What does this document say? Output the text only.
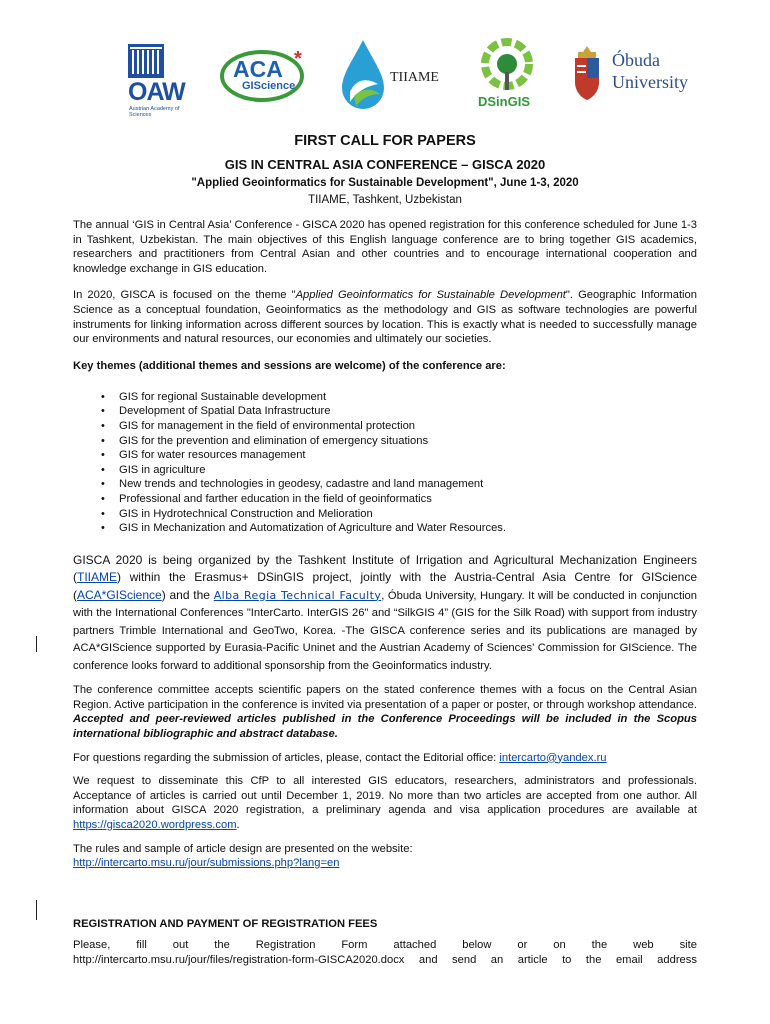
OAW
Austrian Academy of Sciences
ACA *
GIScience
TIIAME
DSinGIS
Óbuda
University

FIRST CALL FOR PAPERS

GIS IN CENTRAL ASIA CONFERENCE – GISCA 2020

"Applied Geoinformatics for Sustainable Development", June 1-3, 2020

TIIAME, Tashkent, Uzbekistan

The annual ‘GIS in Central Asia’ Conference - GISCA 2020 has opened registration for this conference scheduled for June 1-3 in Tashkent, Uzbekistan. The main objectives of this English language conference are to bring together GIS academics, researchers and practitioners from Central Asian and other countries and to encourage international cooperation and knowledge exchange in GIS education.

In 2020, GISCA is focused on the theme "Applied Geoinformatics for Sustainable Development". Geographic Information Science as a conceptual foundation, Geoinformatics as the methodology and GIS as software technologies are powerful instruments for linking information across different sources by location. This is exactly what is needed to successfully manage our environments and natural resources, our economies and ultimately our societies.

Key themes (additional themes and sessions are welcome) of the conference are:

• GIS for regional Sustainable development
• Development of Spatial Data Infrastructure
• GIS for management in the field of environmental protection
• GIS for the prevention and elimination of emergency situations
• GIS for water resources management
• GIS in agriculture
• New trends and technologies in geodesy, cadastre and land management
• Professional and farther education in the field of geoinformatics
• GIS in Hydrotechnical Construction and Melioration
• GIS in Mechanization and Automatization of Agriculture and Water Resources.

GISCA 2020 is being organized by the Tashkent Institute of Irrigation and Agricultural Mechanization Engineers (TIIAME) within the Erasmus+ DSinGIS project, jointly with the Austria-Central Asia Centre for GIScience (ACA*GIScience) and the Alba Regia Technical Faculty, Óbuda University, Hungary. It will be conducted in conjunction with the International Conferences "InterCarto. InterGIS 26" and “SilkGIS 4” (GIS for the Silk Road) with support from industry partners Trimble International and GeoTwo, Korea. -The GISCA conference series and its publications are managed by ACA*GIScience supported by Eurasia-Pacific Uninet and the Austrian Academy of Sciences’ Commission for GIScience. The conference looks forward to additional sponsorship from the Geoinformatics industry.

The conference committee accepts scientific papers on the stated conference themes with a focus on the Central Asian Region. Active participation in the conference is invited via presentation of a paper or poster, or through workshop attendance. Accepted and peer-reviewed articles published in the Conference Proceedings will be included in the Scopus international bibliographic and abstract database.

For questions regarding the submission of articles, please, contact the Editorial office: intercarto@yandex.ru

We request to disseminate this CfP to all interested GIS educators, researchers, administrators and professionals. Acceptance of articles is carried out until December 1, 2019. No more than two articles are accepted from one author. All information about GISCA 2020 registration, a preliminary agenda and visa application procedures are available at https://gisca2020.wordpress.com.

The rules and sample of article design are presented on the website:
http://intercarto.msu.ru/jour/submissions.php?lang=en

REGISTRATION AND PAYMENT OF REGISTRATION FEES

Please, fill out the Registration Form attached below or on the web site
http://intercarto.msu.ru/jour/files/registration-form-GISCA2020.docx and send an article to the email address
